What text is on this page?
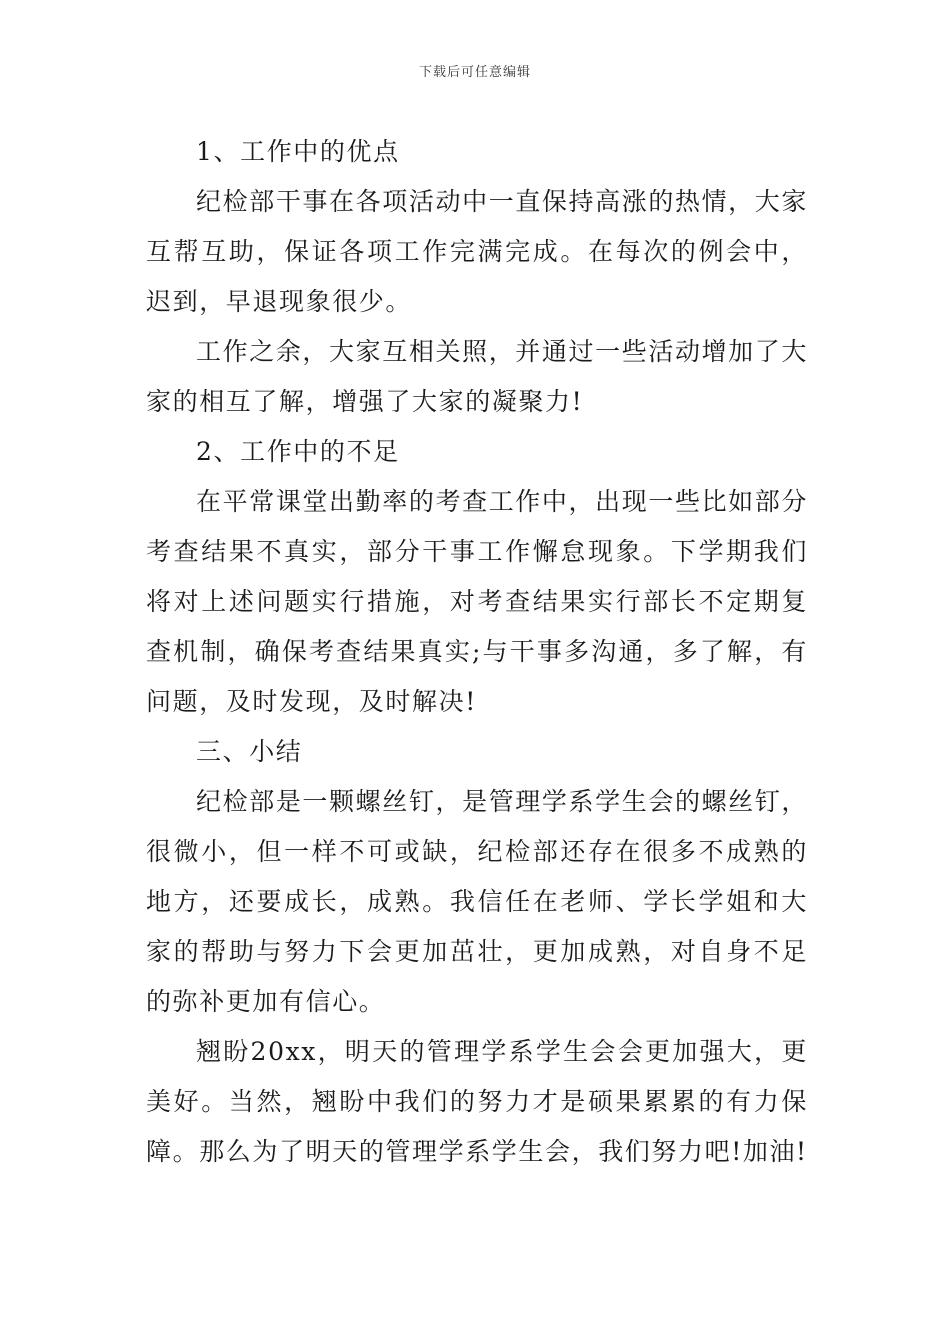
下载后可任意编辑

1、工作中的优点

纪检部干事在各项活动中一直保持高涨的热情，大家互帮互助，保证各项工作完满完成。在每次的例会中，迟到，早退现象很少。

工作之余，大家互相关照，并通过一些活动增加了大家的相互了解，增强了大家的凝聚力!

2、工作中的不足

在平常课堂出勤率的考查工作中，出现一些比如部分考查结果不真实，部分干事工作懈怠现象。下学期我们将对上述问题实行措施，对考查结果实行部长不定期复查机制，确保考查结果真实;与干事多沟通，多了解，有问题，及时发现，及时解决!

三、小结

纪检部是一颗螺丝钉，是管理学系学生会的螺丝钉，很微小，但一样不可或缺，纪检部还存在很多不成熟的地方，还要成长，成熟。我信任在老师、学长学姐和大家的帮助与努力下会更加茁壮，更加成熟，对自身不足的弥补更加有信心。

翘盼20xx，明天的管理学系学生会会更加强大，更美好。当然，翘盼中我们的努力才是硕果累累的有力保障。那么为了明天的管理学系学生会，我们努力吧!加油!
